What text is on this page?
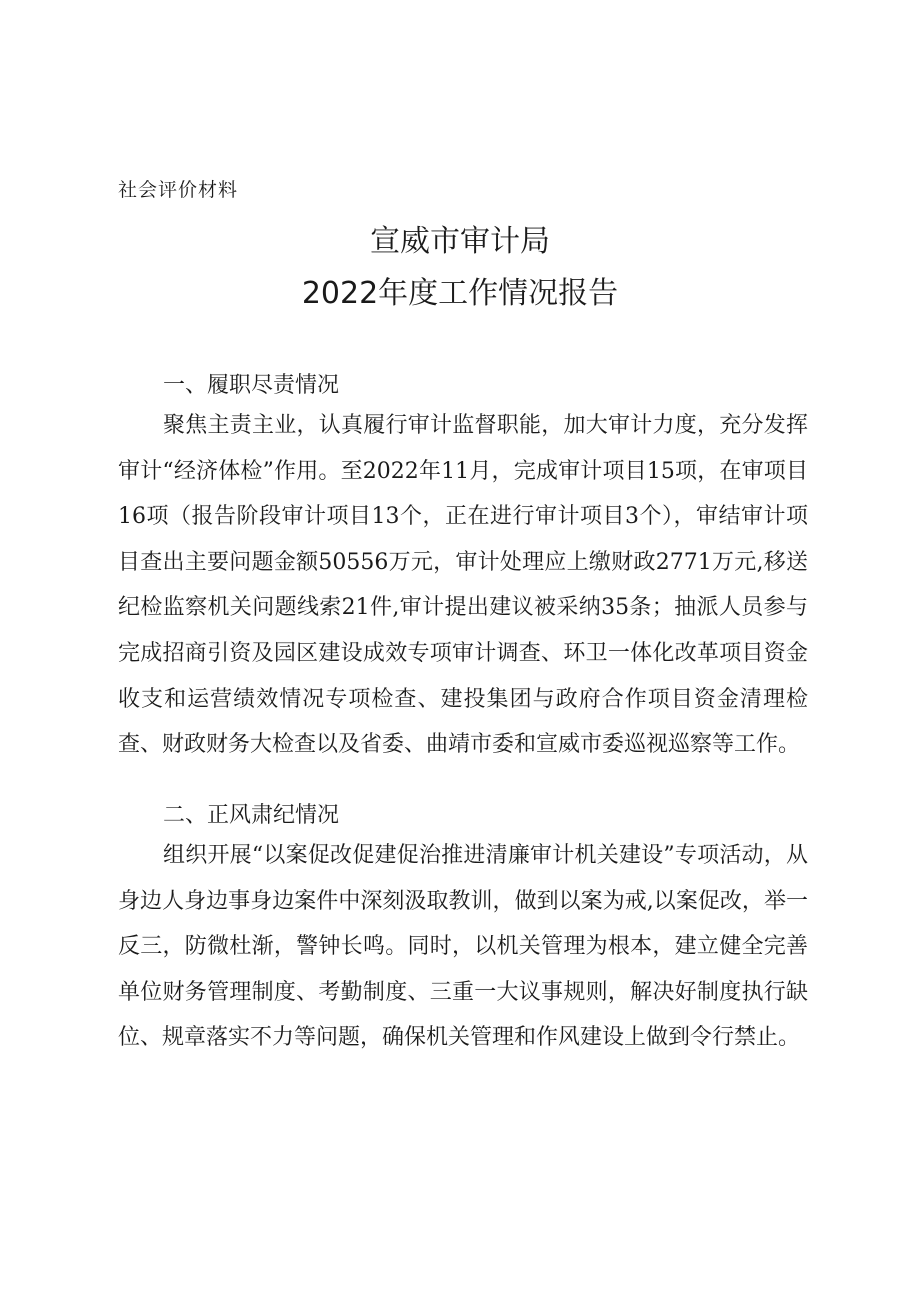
社会评价材料
宣威市审计局
2022年度工作情况报告
一、履职尽责情况

聚焦主责主业，认真履行审计监督职能，加大审计力度，充分发挥审计“经济体检”作用。至2022年11月，完成审计项目15项，在审项目16项（报告阶段审计项目13个，正在进行审计项目3个），审结审计项目查出主要问题金额50556万元，审计处理应上缴财政2771万元,移送纪检监察机关问题线索21件,审计提出建议被采纳35条；抽派人员参与完成招商引资及园区建设成效专项审计调查、环卫一体化改革项目资金收支和运营绩效情况专项检查、建投集团与政府合作项目资金清理检查、财政财务大检查以及省委、曲靖市委和宣威市委巡视巡察等工作。

二、正风肃纪情况

组织开展“以案促改促建促治推进清廉审计机关建设”专项活动，从身边人身边事身边案件中深刻汲取教训，做到以案为戒,以案促改，举一反三，防微杜渐，警钟长鸣。同时，以机关管理为根本，建立健全完善单位财务管理制度、考勤制度、三重一大议事规则，解决好制度执行缺位、规章落实不力等问题，确保机关管理和作风建设上做到令行禁止。
